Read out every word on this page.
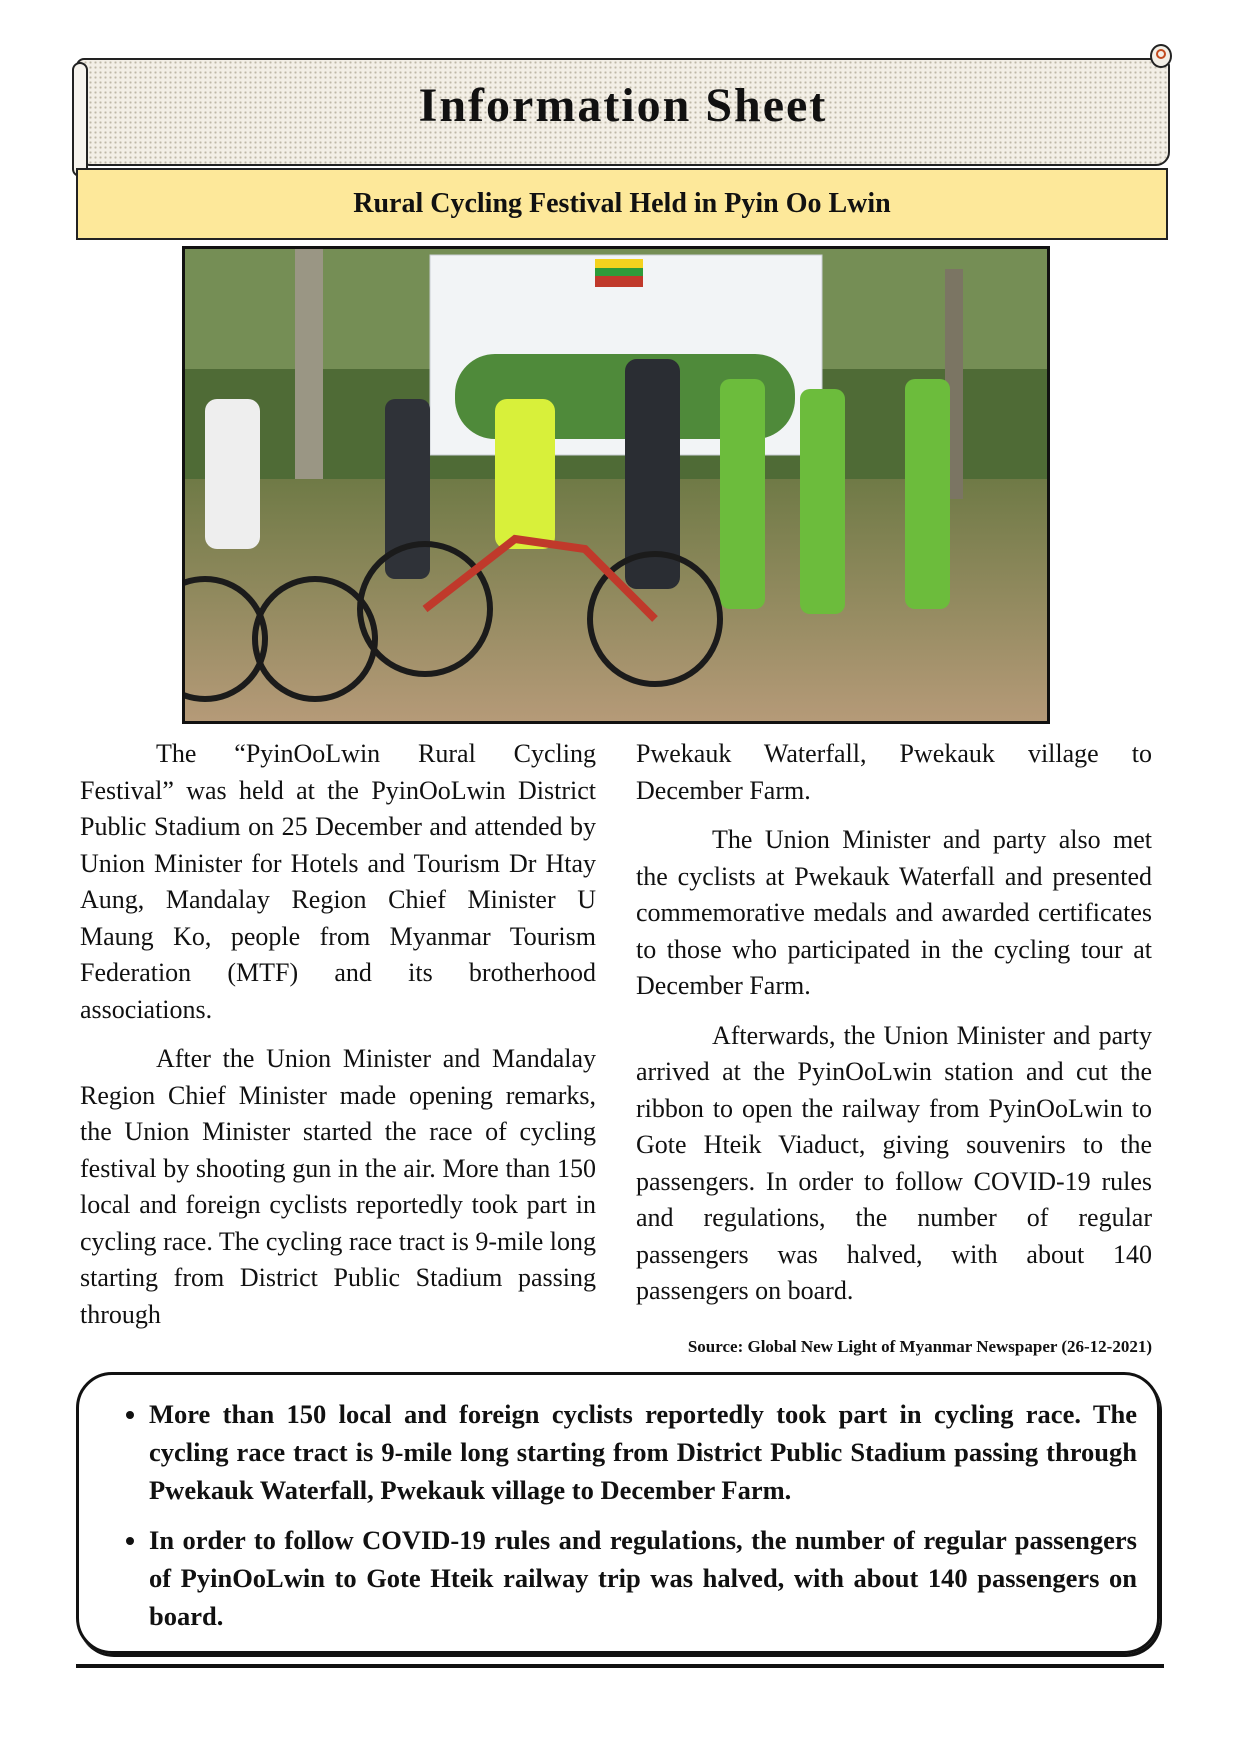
Information Sheet
Rural Cycling Festival Held in Pyin Oo Lwin

The “PyinOoLwin Rural Cycling Festival” was held at the PyinOoLwin District Public Stadium on 25 December and attended by Union Minister for Hotels and Tourism Dr Htay Aung, Mandalay Region Chief Minister U Maung Ko, people from Myanmar Tourism Federation (MTF) and its brotherhood associations.

After the Union Minister and Mandalay Region Chief Minister made opening remarks, the Union Minister started the race of cycling festival by shooting gun in the air. More than 150 local and foreign cyclists reportedly took part in cycling race. The cycling race tract is 9-mile long starting from District Public Stadium passing through

Pwekauk Waterfall, Pwekauk village to December Farm.

The Union Minister and party also met the cyclists at Pwekauk Waterfall and presented commemorative medals and awarded certificates to those who participated in the cycling tour at December Farm.

Afterwards, the Union Minister and party arrived at the PyinOoLwin station and cut the ribbon to open the railway from PyinOoLwin to Gote Hteik Viaduct, giving souvenirs to the passengers. In order to follow COVID-19 rules and regulations, the number of regular passengers was halved, with about 140 passengers on board.

Source: Global New Light of Myanmar Newspaper (26-12-2021)
• More than 150 local and foreign cyclists reportedly took part in cycling race. The cycling race tract is 9-mile long starting from District Public Stadium passing through Pwekauk Waterfall, Pwekauk village to December Farm.
• In order to follow COVID-19 rules and regulations, the number of regular passengers of PyinOoLwin to Gote Hteik railway trip was halved, with about 140 passengers on board.
